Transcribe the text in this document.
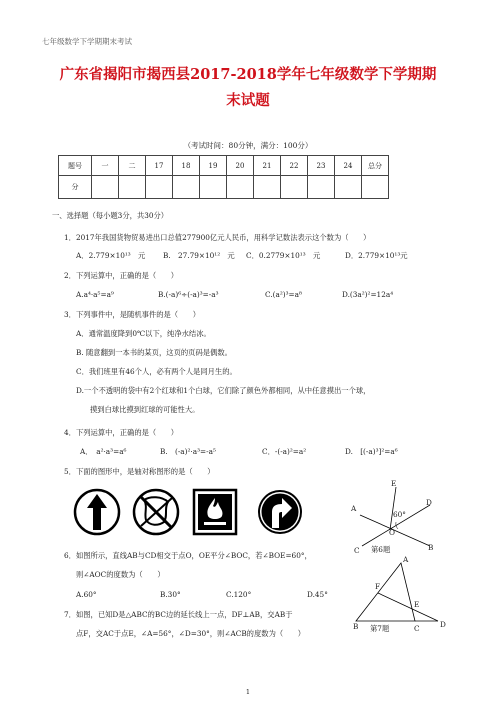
七年级数学下学期期末考试
广东省揭阳市揭西县2017-2018学年七年级数学下学期期
末试题
（考试时间：80分钟，满分：100分）
题号	一	二	17	18	19	20	21	22	23	24	总分
分											
一、选择题（每小题3分，共30分）
1．2017年我国货物贸易进出口总值277900亿元人民币，用科学记数法表示这个数为（　　）
A．2.779×10¹³　元 B.　27.79×10¹²　元 C．0.2779×10¹³　元	D．2.779×10¹³元
2．下列运算中，正确的是（　　）
A.a⁴·a⁵=a⁹	B.(-a)⁶÷(-a)³=-a³	C.(a²)³=a⁸	D.(3a²)²=12a⁴
3．下列事件中，是随机事件的是（　　）
A．通常温度降到0℃以下，纯净水结冰。
B. 随意翻到一本书的某页，这页的页码是偶数。
C．我们班里有46个人，必有两个人是同月生的。
D.一个不透明的袋中有2个红球和1个白球，它们除了颜色外都相同，从中任意摸出一个球，
摸到白球比摸到红球的可能性大。
4．下列运算中，正确的是（　　）
A．　a²·a³=a⁶	B.　(-a)²·a³=-a⁵	C．-(-a)²=a²	D.　[(-a)³]²=a⁶
5．下面的图形中，是轴对称图形的是（　　）
E
D
A
60°
O
C 第6题	B
6．如图所示，直线AB与CD相交于点O，OE平分∠BOC，若∠BOE=60°，
则∠AOC的度数为（　　）
A.60°	B.30°	C.120°	D.45°
7．如图，已知D是△ABC的BC边的延长线上一点，DF⊥AB，交AB于
点F，交AC于点E，∠A=56°，∠D=30°，则∠ACB的度数为（　　）
A
F
E
B 第7题	C	D
1
